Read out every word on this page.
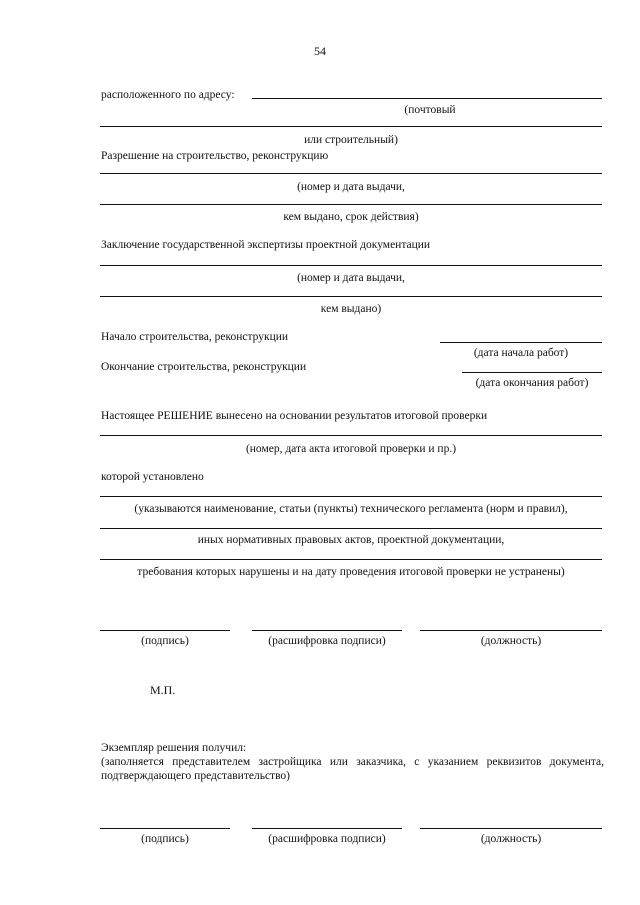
54
расположенного по адресу:
(почтовый
или строительный)
Разрешение на строительство, реконструкцию
(номер и дата выдачи,
кем выдано, срок действия)
Заключение государственной экспертизы проектной документации
(номер и дата выдачи,
кем выдано)
Начало строительства, реконструкции
(дата начала работ)
Окончание строительства, реконструкции
(дата окончания работ)
Настоящее РЕШЕНИЕ вынесено на основании результатов итоговой проверки
(номер, дата акта итоговой проверки и пр.)
которой установлено
(указываются наименование, статьи (пункты) технического регламента (норм и правил),
иных нормативных правовых актов, проектной документации,
требования которых нарушены и на дату проведения итоговой проверки не устранены)
(подпись)	(расшифровка подписи)	(должность)
М.П.
Экземпляр решения получил:
(заполняется представителем застройщика или заказчика, с указанием реквизитов документа, подтверждающего представительство)
(подпись)	(расшифровка подписи)	(должность)
